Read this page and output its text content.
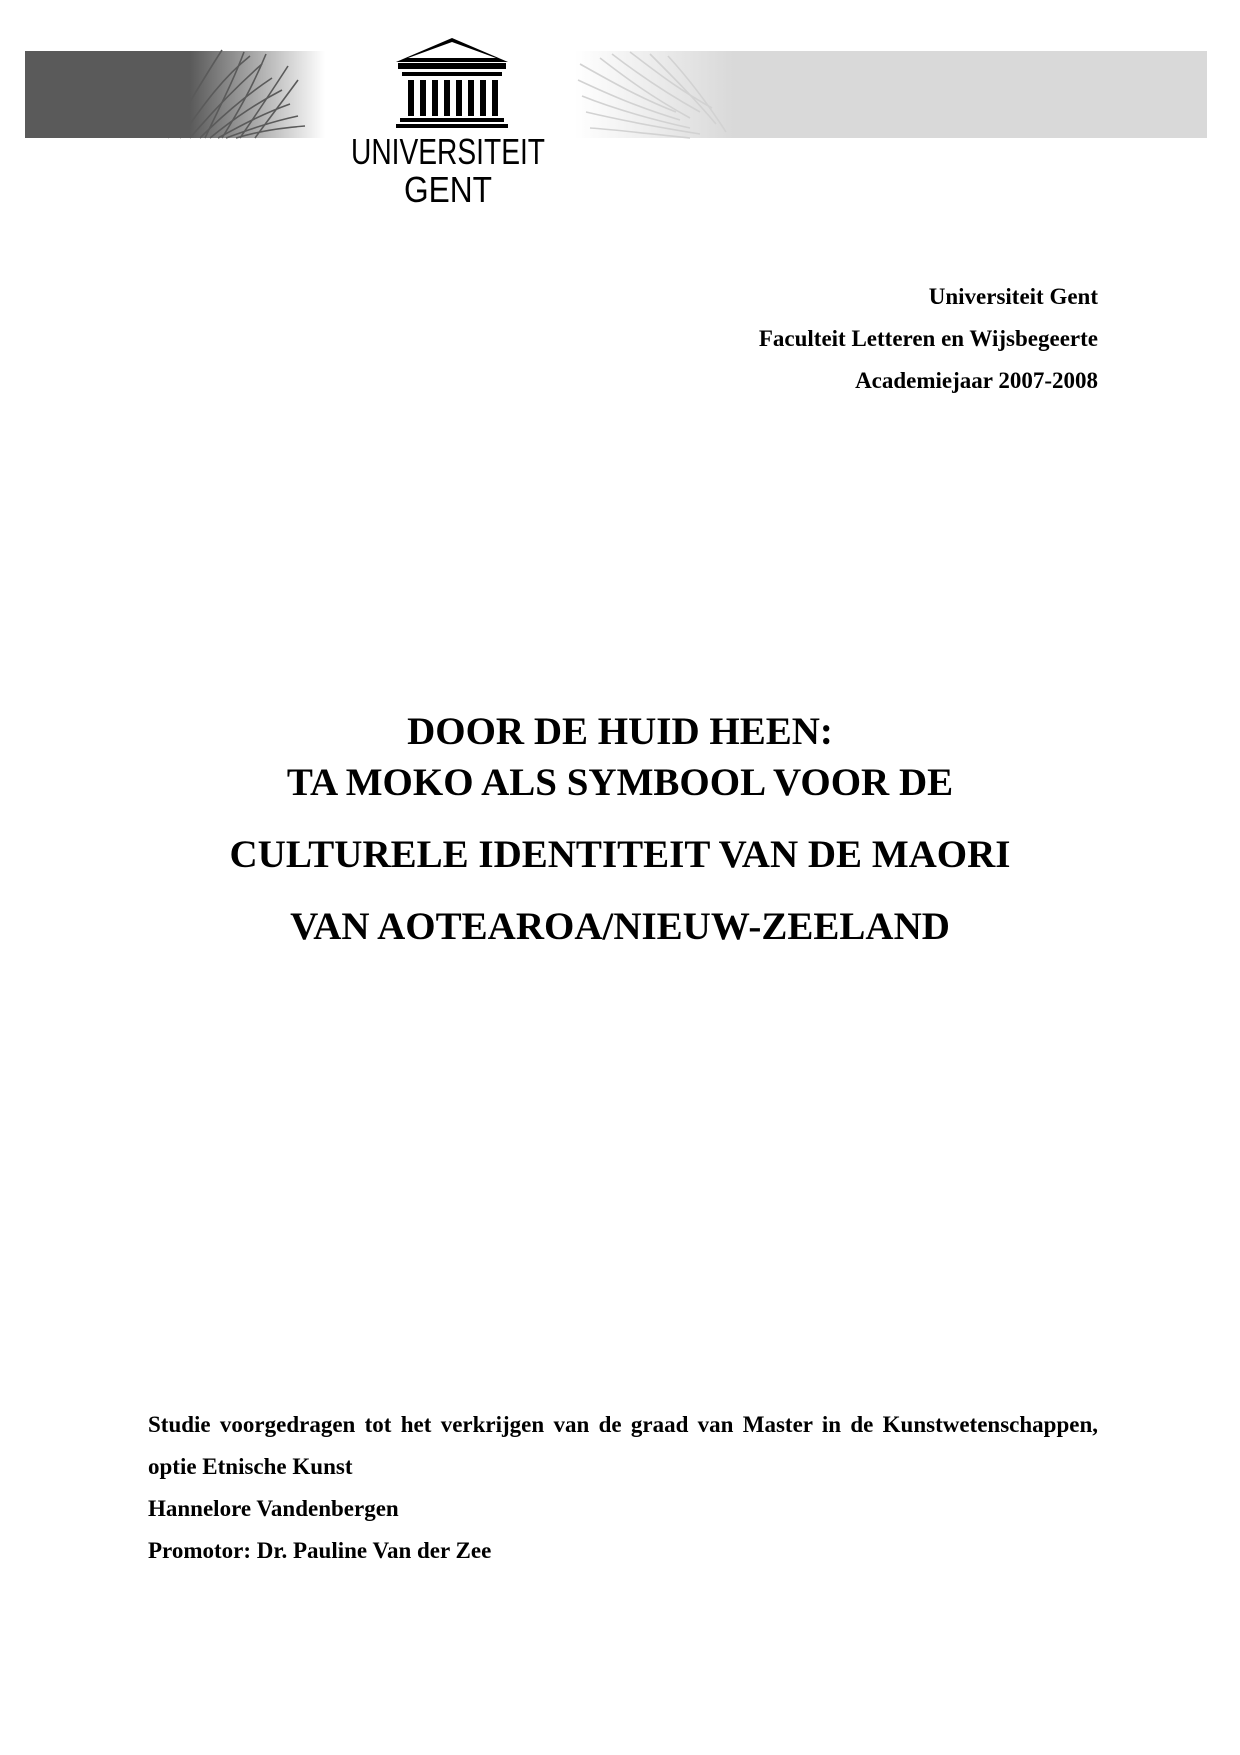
UNIVERSITEIT
GENT
Universiteit Gent
Faculteit Letteren en Wijsbegeerte
Academiejaar 2007-2008
DOOR DE HUID HEEN:
TA MOKO ALS SYMBOOL VOOR DE
CULTURELE IDENTITEIT VAN DE MAORI
VAN AOTEAROA/NIEUW-ZEELAND

Studie voorgedragen tot het verkrijgen van de graad van Master in de Kunstwetenschappen, optie Etnische Kunst

Hannelore Vandenbergen
Promotor: Dr. Pauline Van der Zee
